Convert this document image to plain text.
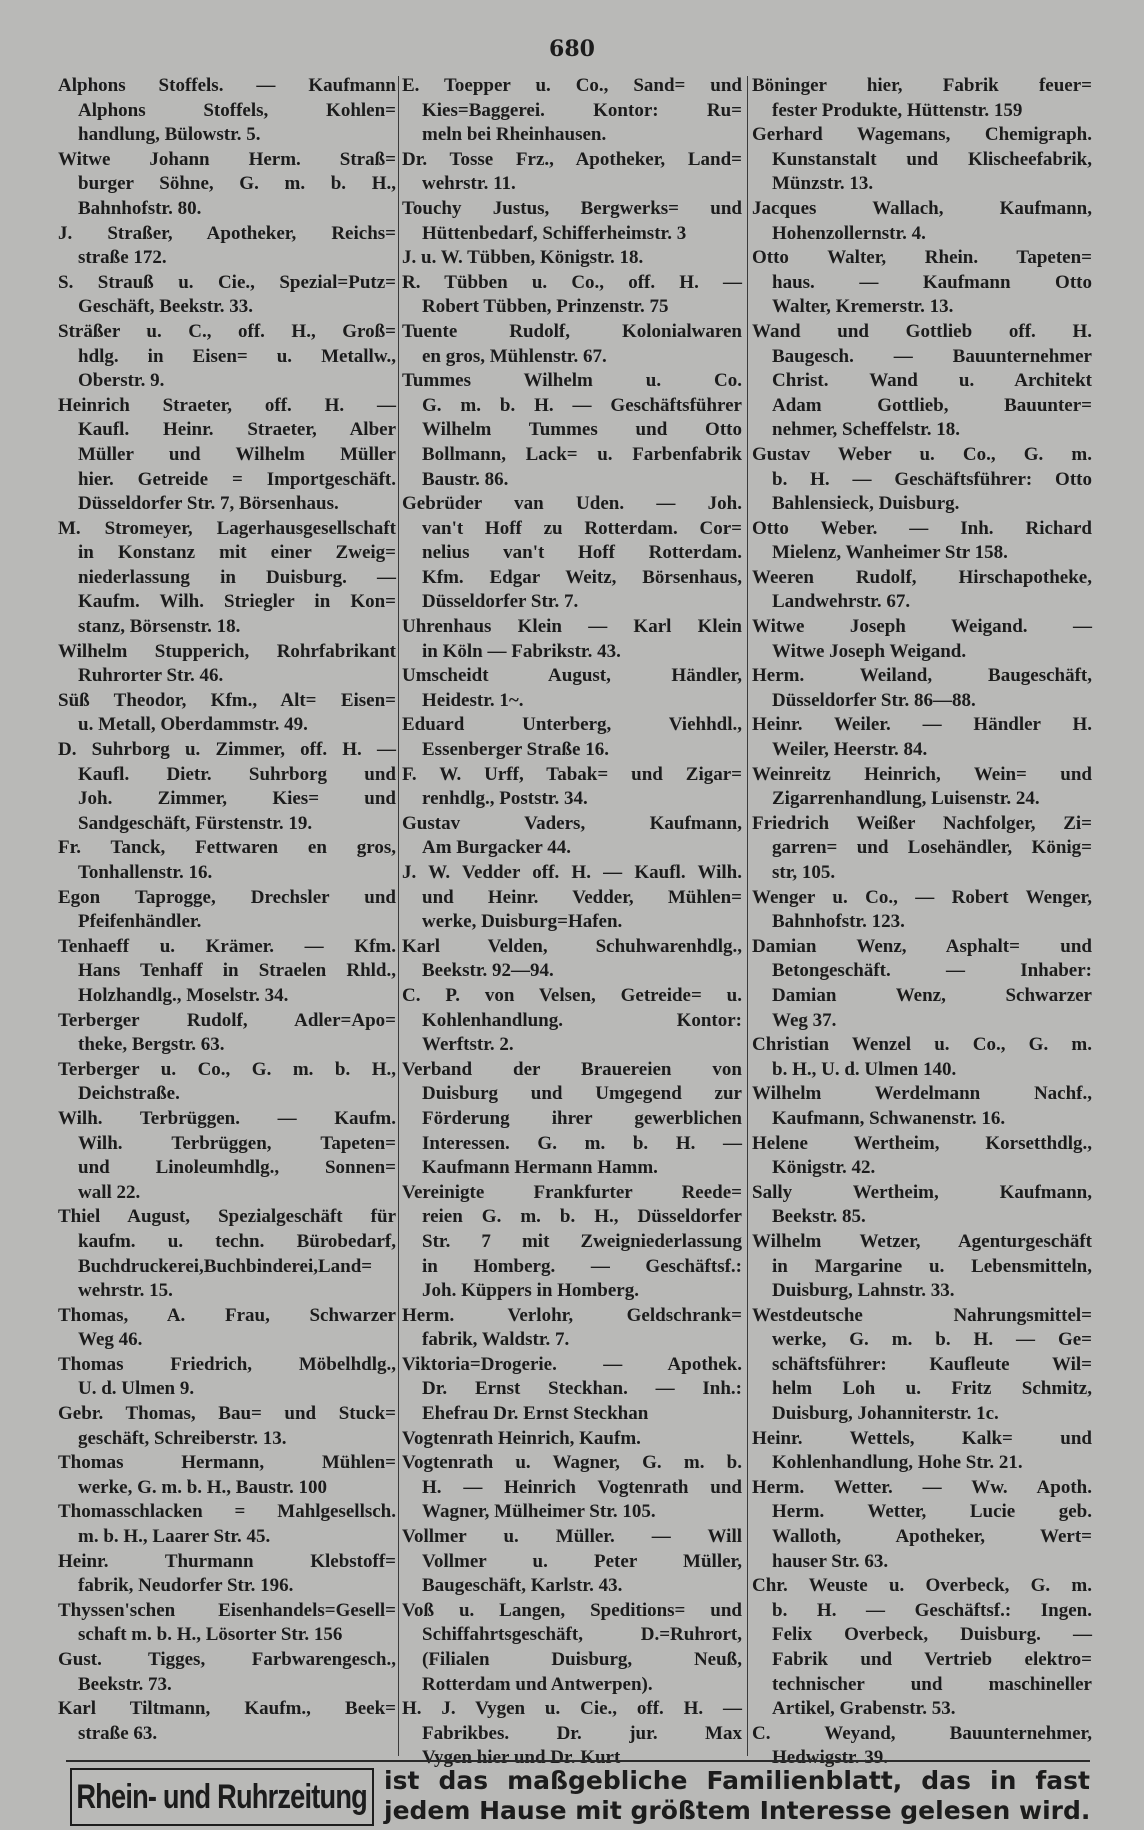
680
Alphons Stoffels. — Kaufmann
Alphons Stoffels, Kohlen=
handlung, Bülowstr. 5.
Witwe Johann Herm. Straß=
burger Söhne, G. m. b. H.,
Bahnhofstr. 80.
J. Straßer, Apotheker, Reichs=
straße 172.
S. Strauß u. Cie., Spezial=Putz=
Geschäft, Beekstr. 33.
Sträßer u. C., off. H., Groß=
hdlg. in Eisen= u. Metallw.,
Oberstr. 9.
Heinrich Straeter, off. H. —
Kaufl. Heinr. Straeter, Alber
Müller und Wilhelm Müller
hier. Getreide = Importgeschäft.
Düsseldorfer Str. 7, Börsenhaus.
M. Stromeyer, Lagerhausgesellschaft
in Konstanz mit einer Zweig=
niederlassung in Duisburg. —
Kaufm. Wilh. Striegler in Kon=
stanz, Börsenstr. 18.
Wilhelm Stupperich, Rohrfabrikant
Ruhrorter Str. 46.
Süß Theodor, Kfm., Alt= Eisen=
u. Metall, Oberdammstr. 49.
D. Suhrborg u. Zimmer, off. H. —
Kaufl. Dietr. Suhrborg und
Joh. Zimmer, Kies= und
Sandgeschäft, Fürstenstr. 19.
Fr. Tanck, Fettwaren en gros,
Tonhallenstr. 16.
Egon Taprogge, Drechsler und
Pfeifenhändler.
Tenhaeff u. Krämer. — Kfm.
Hans Tenhaff in Straelen Rhld.,
Holzhandlg., Moselstr. 34.
Terberger Rudolf, Adler=Apo=
theke, Bergstr. 63.
Terberger u. Co., G. m. b. H.,
Deichstraße.
Wilh. Terbrüggen. — Kaufm.
Wilh. Terbrüggen, Tapeten=
und Linoleumhdlg., Sonnen=
wall 22.
Thiel August, Spezialgeschäft für
kaufm. u. techn. Bürobedarf,
Buchdruckerei,Buchbinderei,Land=
wehrstr. 15.
Thomas, A. Frau, Schwarzer
Weg 46.
Thomas Friedrich, Möbelhdlg.,
U. d. Ulmen 9.
Gebr. Thomas, Bau= und Stuck=
geschäft, Schreiberstr. 13.
Thomas Hermann, Mühlen=
werke, G. m. b. H., Baustr. 100
Thomasschlacken = Mahlgesellsch.
m. b. H., Laarer Str. 45.
Heinr. Thurmann Klebstoff=
fabrik, Neudorfer Str. 196.
Thyssen'schen Eisenhandels=Gesell=
schaft m. b. H., Lösorter Str. 156
Gust. Tigges, Farbwarengesch.,
Beekstr. 73.
Karl Tiltmann, Kaufm., Beek=
straße 63.
E. Toepper u. Co., Sand= und
Kies=Baggerei. Kontor: Ru=
meln bei Rheinhausen.
Dr. Tosse Frz., Apotheker, Land=
wehrstr. 11.
Touchy Justus, Bergwerks= und
Hüttenbedarf, Schifferheimstr. 3
J. u. W. Tübben, Königstr. 18.
R. Tübben u. Co., off. H. —
Robert Tübben, Prinzenstr. 75
Tuente Rudolf, Kolonialwaren
en gros, Mühlenstr. 67.
Tummes Wilhelm u. Co.
G. m. b. H. — Geschäftsführer
Wilhelm Tummes und Otto
Bollmann, Lack= u. Farbenfabrik
Baustr. 86.
Gebrüder van Uden. — Joh.
van't Hoff zu Rotterdam. Cor=
nelius van't Hoff Rotterdam.
Kfm. Edgar Weitz, Börsenhaus,
Düsseldorfer Str. 7.
Uhrenhaus Klein — Karl Klein
in Köln — Fabrikstr. 43.
Umscheidt August, Händler,
Heidestr. 1~.
Eduard Unterberg, Viehhdl.,
Essenberger Straße 16.
F. W. Urff, Tabak= und Zigar=
renhdlg., Poststr. 34.
Gustav Vaders, Kaufmann,
Am Burgacker 44.
J. W. Vedder off. H. — Kaufl. Wilh.
und Heinr. Vedder, Mühlen=
werke, Duisburg=Hafen.
Karl Velden, Schuhwarenhdlg.,
Beekstr. 92—94.
C. P. von Velsen, Getreide= u.
Kohlenhandlung. Kontor:
Werftstr. 2.
Verband der Brauereien von
Duisburg und Umgegend zur
Förderung ihrer gewerblichen
Interessen. G. m. b. H. —
Kaufmann Hermann Hamm.
Vereinigte Frankfurter Reede=
reien G. m. b. H., Düsseldorfer
Str. 7 mit Zweigniederlassung
in Homberg. — Geschäftsf.:
Joh. Küppers in Homberg.
Herm. Verlohr, Geldschrank=
fabrik, Waldstr. 7.
Viktoria=Drogerie. — Apothek.
Dr. Ernst Steckhan. — Inh.:
Ehefrau Dr. Ernst Steckhan
Vogtenrath Heinrich, Kaufm.
Vogtenrath u. Wagner, G. m. b.
H. — Heinrich Vogtenrath und
Wagner, Mülheimer Str. 105.
Vollmer u. Müller. — Will
Vollmer u. Peter Müller,
Baugeschäft, Karlstr. 43.
Voß u. Langen, Speditions= und
Schiffahrtsgeschäft, D.=Ruhrort,
(Filialen Duisburg, Neuß,
Rotterdam und Antwerpen).
H. J. Vygen u. Cie., off. H. —
Fabrikbes. Dr. jur. Max
Vygen hier und Dr. Kurt
Böninger hier, Fabrik feuer=
fester Produkte, Hüttenstr. 159
Gerhard Wagemans, Chemigraph.
Kunstanstalt und Klischeefabrik,
Münzstr. 13.
Jacques Wallach, Kaufmann,
Hohenzollernstr. 4.
Otto Walter, Rhein. Tapeten=
haus. — Kaufmann Otto
Walter, Kremerstr. 13.
Wand und Gottlieb off. H.
Baugesch. — Bauunternehmer
Christ. Wand u. Architekt
Adam Gottlieb, Bauunter=
nehmer, Scheffelstr. 18.
Gustav Weber u. Co., G. m.
b. H. — Geschäftsführer: Otto
Bahlensieck, Duisburg.
Otto Weber. — Inh. Richard
Mielenz, Wanheimer Str 158.
Weeren Rudolf, Hirschapotheke,
Landwehrstr. 67.
Witwe Joseph Weigand. —
Witwe Joseph Weigand.
Herm. Weiland, Baugeschäft,
Düsseldorfer Str. 86—88.
Heinr. Weiler. — Händler H.
Weiler, Heerstr. 84.
Weinreitz Heinrich, Wein= und
Zigarrenhandlung, Luisenstr. 24.
Friedrich Weißer Nachfolger, Zi=
garren= und Losehändler, König=
str, 105.
Wenger u. Co., — Robert Wenger,
Bahnhofstr. 123.
Damian Wenz, Asphalt= und
Betongeschäft. — Inhaber:
Damian Wenz, Schwarzer
Weg 37.
Christian Wenzel u. Co., G. m.
b. H., U. d. Ulmen 140.
Wilhelm Werdelmann Nachf.,
Kaufmann, Schwanenstr. 16.
Helene Wertheim, Korsetthdlg.,
Königstr. 42.
Sally Wertheim, Kaufmann,
Beekstr. 85.
Wilhelm Wetzer, Agenturgeschäft
in Margarine u. Lebensmitteln,
Duisburg, Lahnstr. 33.
Westdeutsche Nahrungsmittel=
werke, G. m. b. H. — Ge=
schäftsführer: Kaufleute Wil=
helm Loh u. Fritz Schmitz,
Duisburg, Johanniterstr. 1c.
Heinr. Wettels, Kalk= und
Kohlenhandlung, Hohe Str. 21.
Herm. Wetter. — Ww. Apoth.
Herm. Wetter, Lucie geb.
Walloth, Apotheker, Wert=
hauser Str. 63.
Chr. Weuste u. Overbeck, G. m.
b. H. — Geschäftsf.: Ingen.
Felix Overbeck, Duisburg. —
Fabrik und Vertrieb elektro=
technischer und maschineller
Artikel, Grabenstr. 53.
C. Weyand, Bauunternehmer,
Hedwigstr. 39.
Rhein- und Ruhrzeitung ist das maßgebliche Familienblatt, das in fast
jedem Hause mit größtem Interesse gelesen wird.
